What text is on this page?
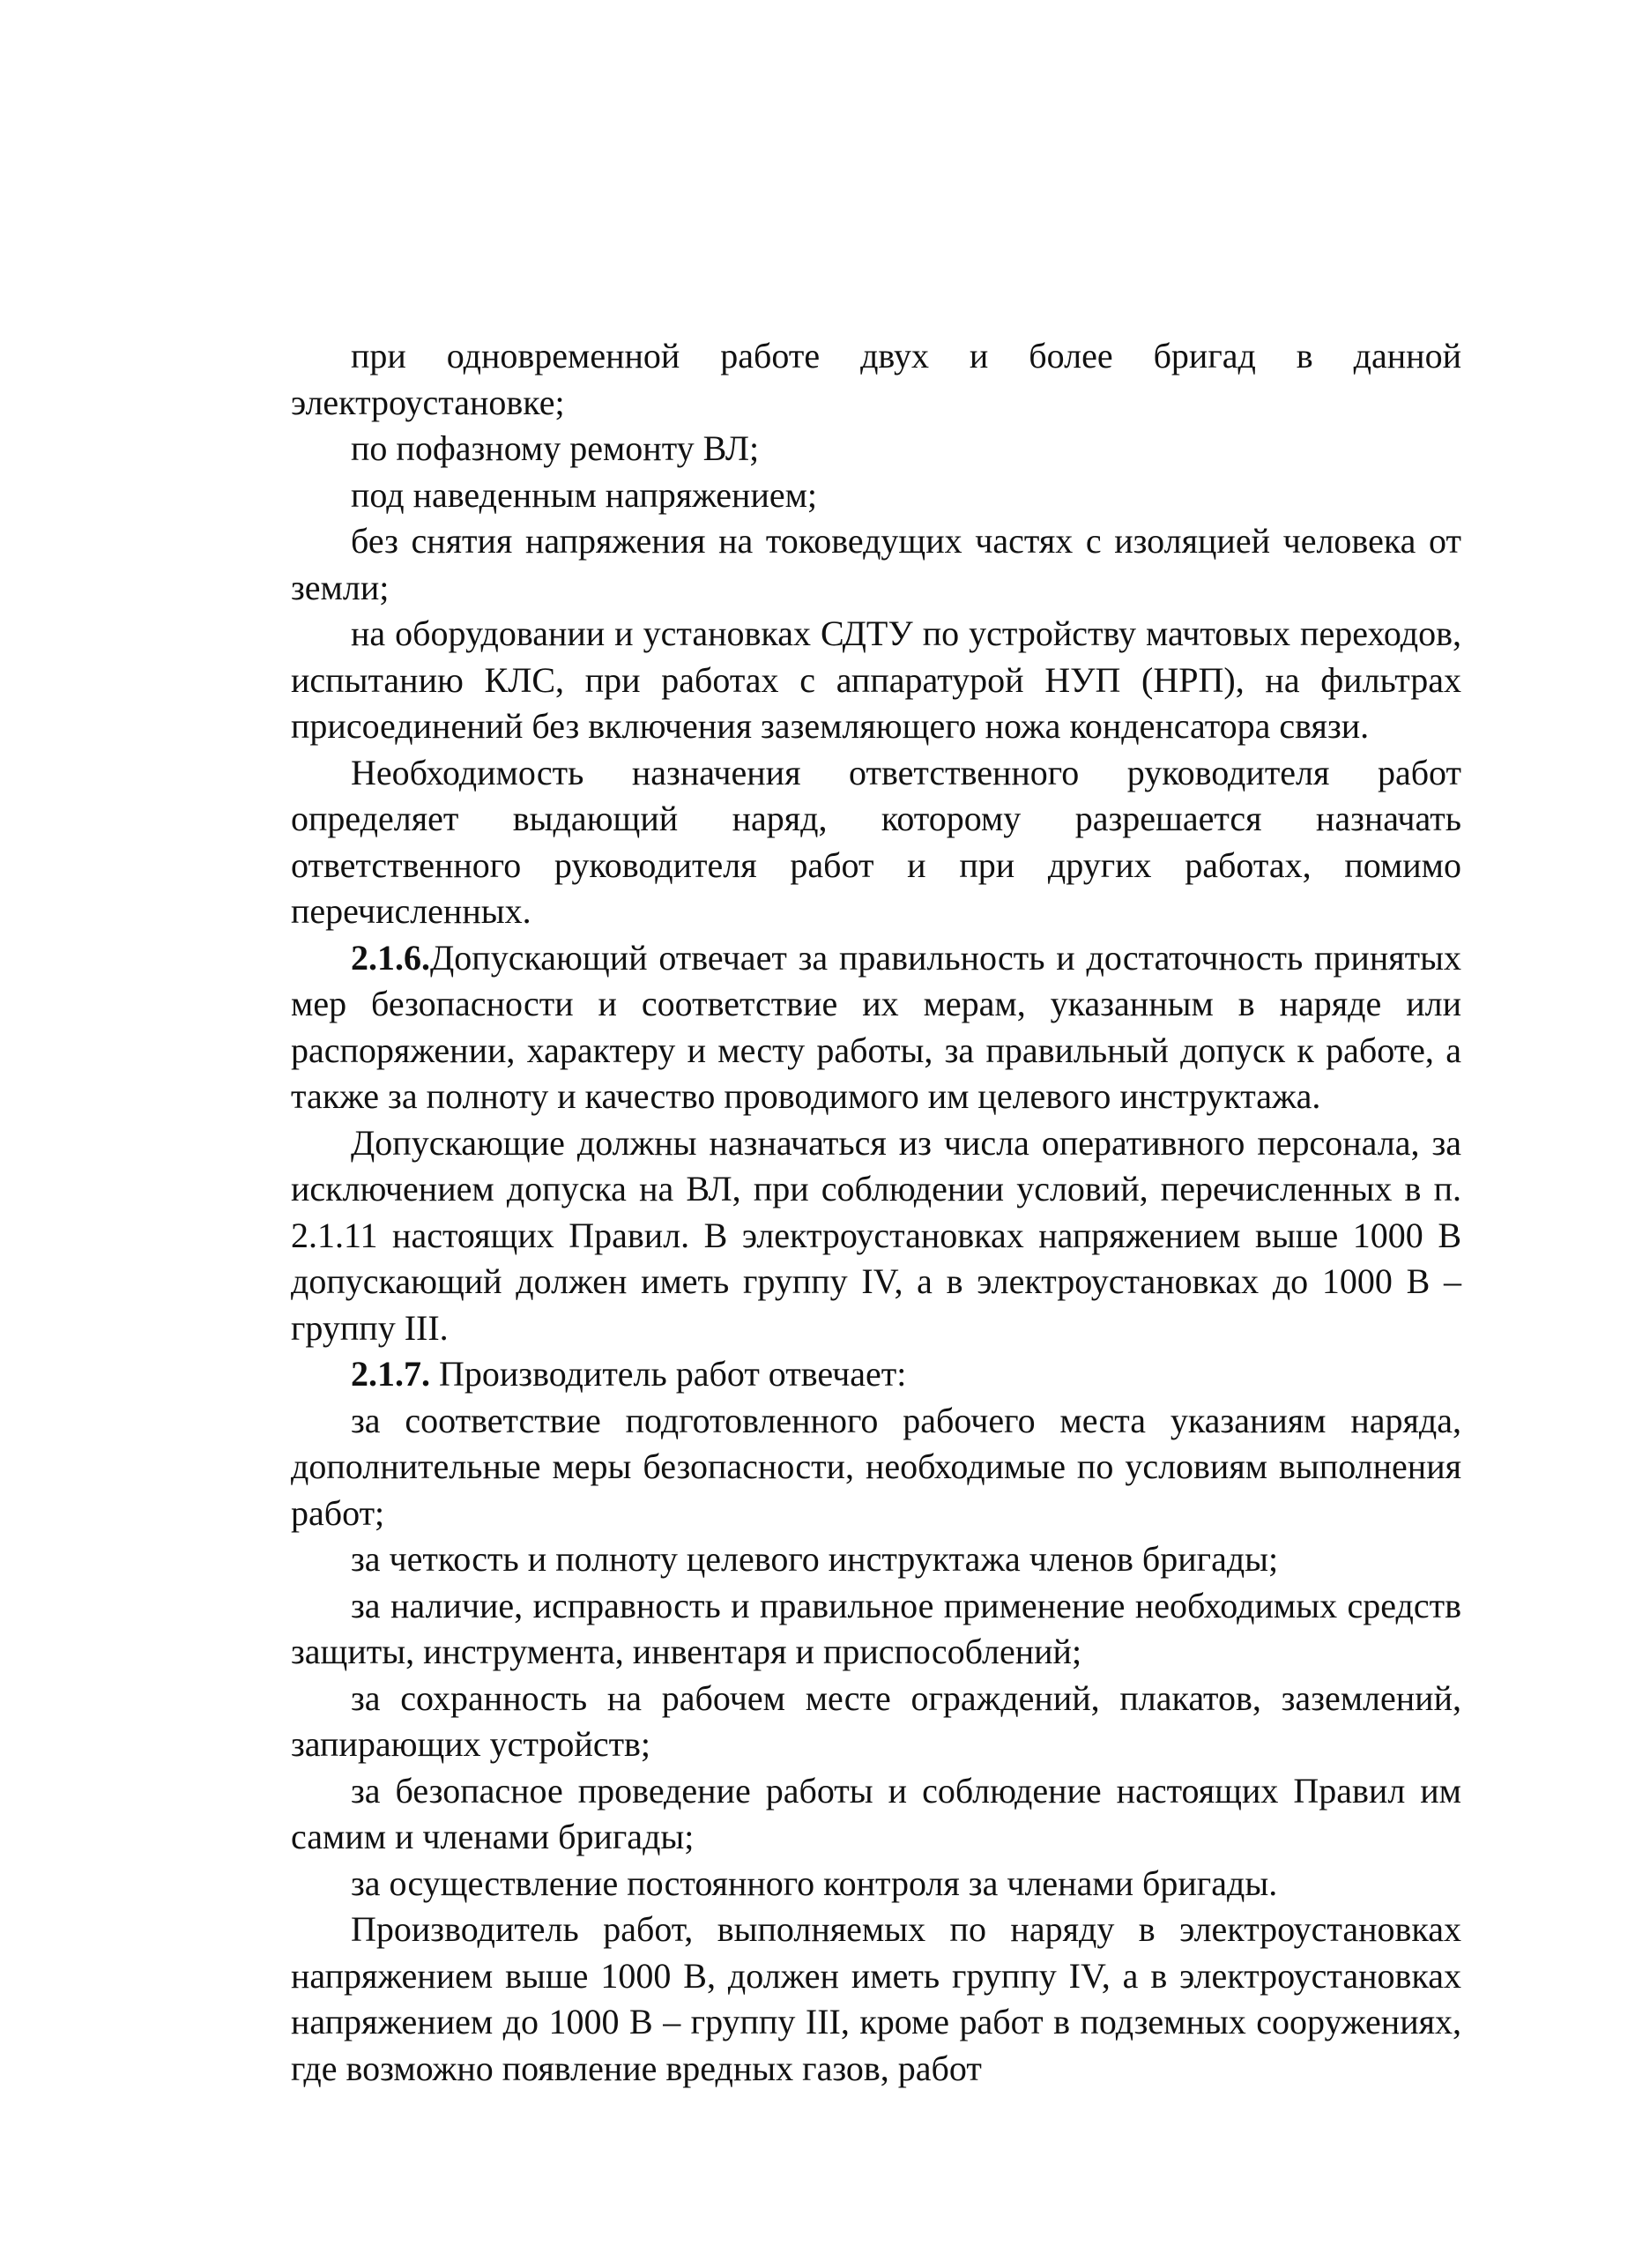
при одновременной работе двух и более бригад в данной электроустановке;

по пофазному ремонту ВЛ;

под наведенным напряжением;

без снятия напряжения на токоведущих частях с изоляцией человека от земли;

на оборудовании и установках СДТУ по устройству мачтовых переходов, испытанию КЛС, при работах с аппаратурой НУП (НРП), на фильтрах присоединений без включения заземляющего ножа конденсатора связи.

Необходимость назначения ответственного руководителя работ определяет выдающий наряд, которому разрешается назначать ответственного руководителя работ и при других работах, помимо перечисленных.

2.1.6.Допускающий отвечает за правильность и достаточность принятых мер безопасности и соответствие их мерам, указанным в наряде или распоряжении, характеру и месту работы, за правильный допуск к работе, а также за полноту и качество проводимого им целевого инструктажа.

Допускающие должны назначаться из числа оперативного персонала, за исключением допуска на ВЛ, при соблюдении условий, перечисленных в п. 2.1.11 настоящих Правил. В электроустановках напряжением выше 1000 В допускающий должен иметь группу IV, а в электроустановках до 1000 В – группу III.

2.1.7. Производитель работ отвечает:

за соответствие подготовленного рабочего места указаниям наряда, дополнительные меры безопасности, необходимые по условиям выполнения работ;

за четкость и полноту целевого инструктажа членов бригады;

за наличие, исправность и правильное применение необходимых средств защиты, инструмента, инвентаря и приспособлений;

за сохранность на рабочем месте ограждений, плакатов, заземлений, запирающих устройств;

за безопасное проведение работы и соблюдение настоящих Правил им самим и членами бригады;

за осуществление постоянного контроля за членами бригады.

Производитель работ, выполняемых по наряду в электроустановках напряжением выше 1000 В, должен иметь группу IV, а в электроустановках напряжением до 1000 В – группу III, кроме работ в подземных сооружениях, где возможно появление вредных газов, работ
